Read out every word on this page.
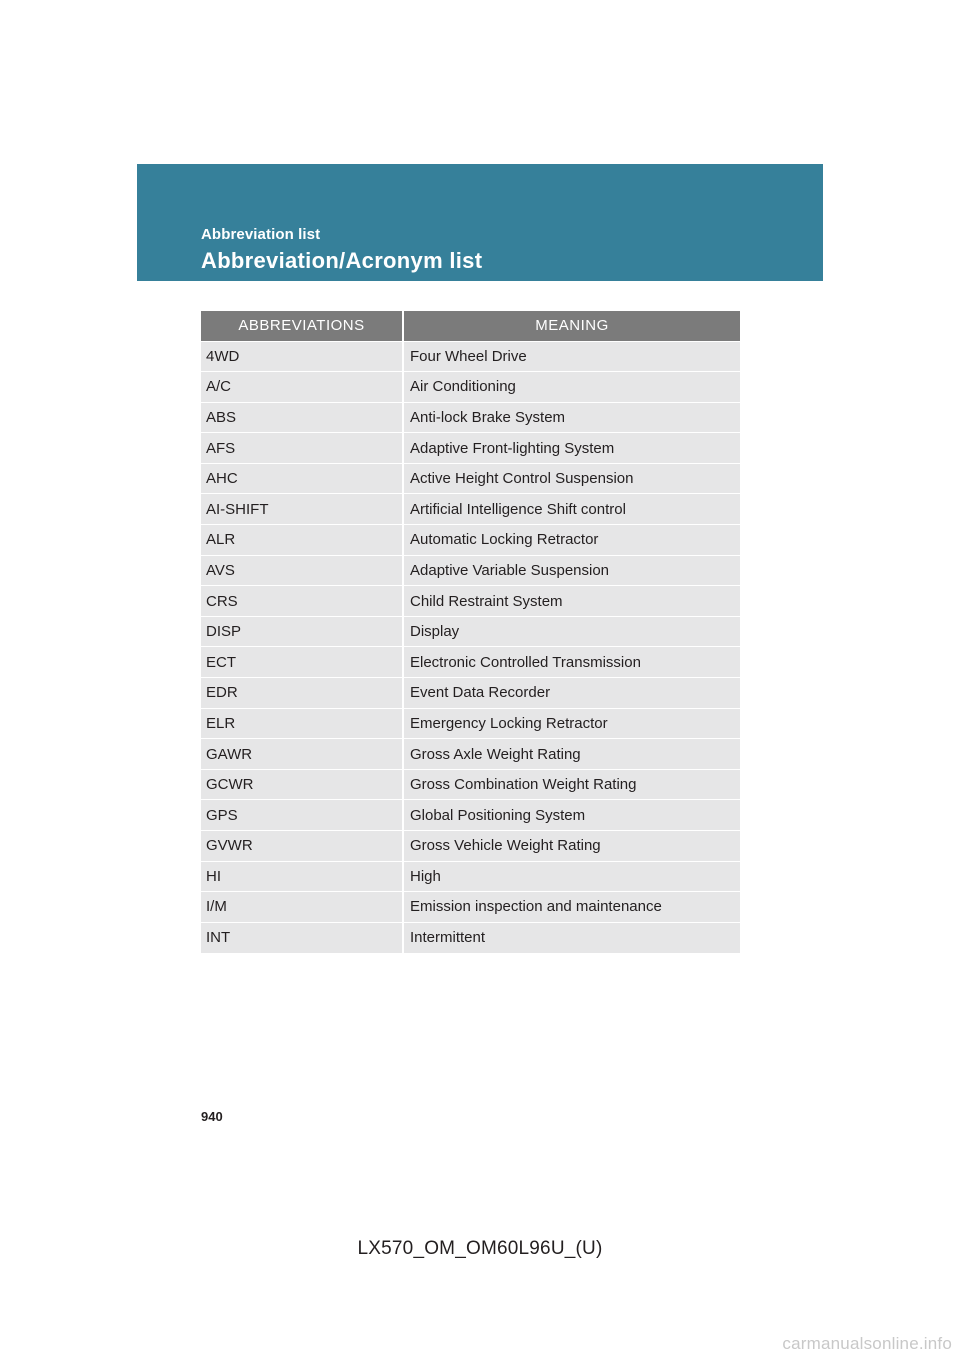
Abbreviation list
Abbreviation/Acronym list
ABBREVIATIONS	MEANING
4WD	Four Wheel Drive
A/C	Air Conditioning
ABS	Anti-lock Brake System
AFS	Adaptive Front-lighting System
AHC	Active Height Control Suspension
AI-SHIFT	Artificial Intelligence Shift control
ALR	Automatic Locking Retractor
AVS	Adaptive Variable Suspension
CRS	Child Restraint System
DISP	Display
ECT	Electronic Controlled Transmission
EDR	Event Data Recorder
ELR	Emergency Locking Retractor
GAWR	Gross Axle Weight Rating
GCWR	Gross Combination Weight Rating
GPS	Global Positioning System
GVWR	Gross Vehicle Weight Rating
HI	High
I/M	Emission inspection and maintenance
INT	Intermittent
940
LX570_OM_OM60L96U_(U)
carmanualsonline.info
